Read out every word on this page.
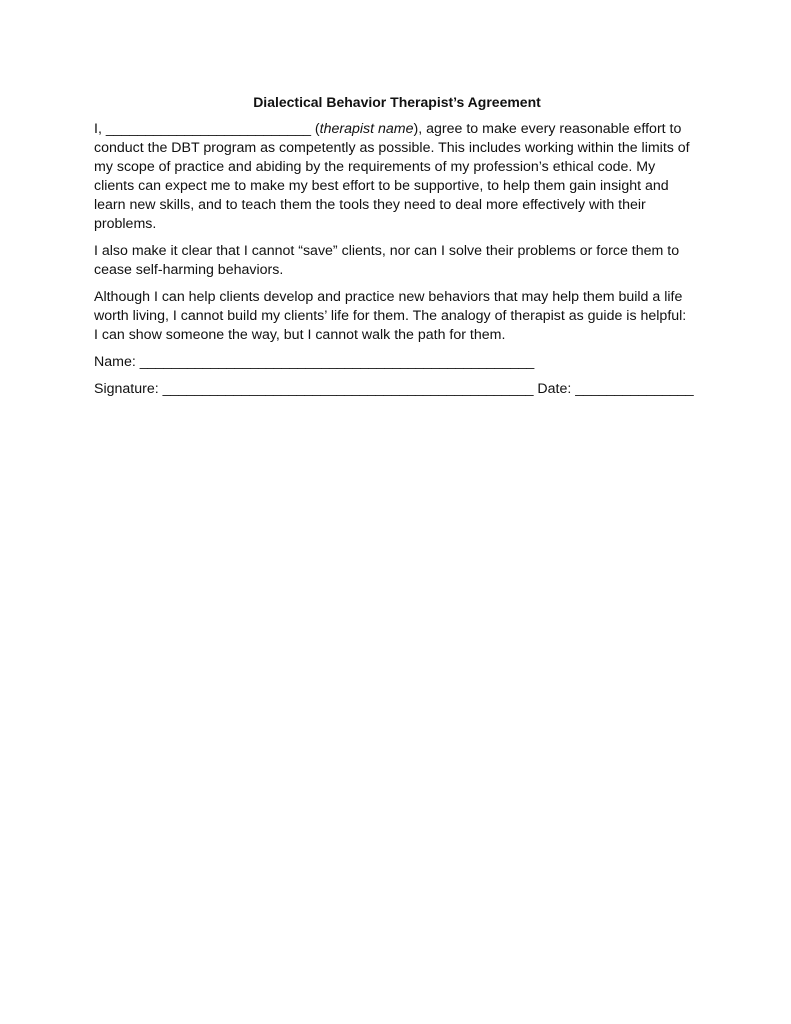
Dialectical Behavior Therapist’s Agreement
I, __________________________ (therapist name), agree to make every reasonable effort to
conduct the DBT program as competently as possible. This includes working within the limits of
my scope of practice and abiding by the requirements of my profession’s ethical code. My
clients can expect me to make my best effort to be supportive, to help them gain insight and
learn new skills, and to teach them the tools they need to deal more effectively with their
problems.
I also make it clear that I cannot “save” clients, nor can I solve their problems or force them to
cease self-harming behaviors.
Although I can help clients develop and practice new behaviors that may help them build a life
worth living, I cannot build my clients’ life for them. The analogy of therapist as guide is helpful:
I can show someone the way, but I cannot walk the path for them.
Name: __________________________________________________
Signature: _______________________________________________ Date: _______________
